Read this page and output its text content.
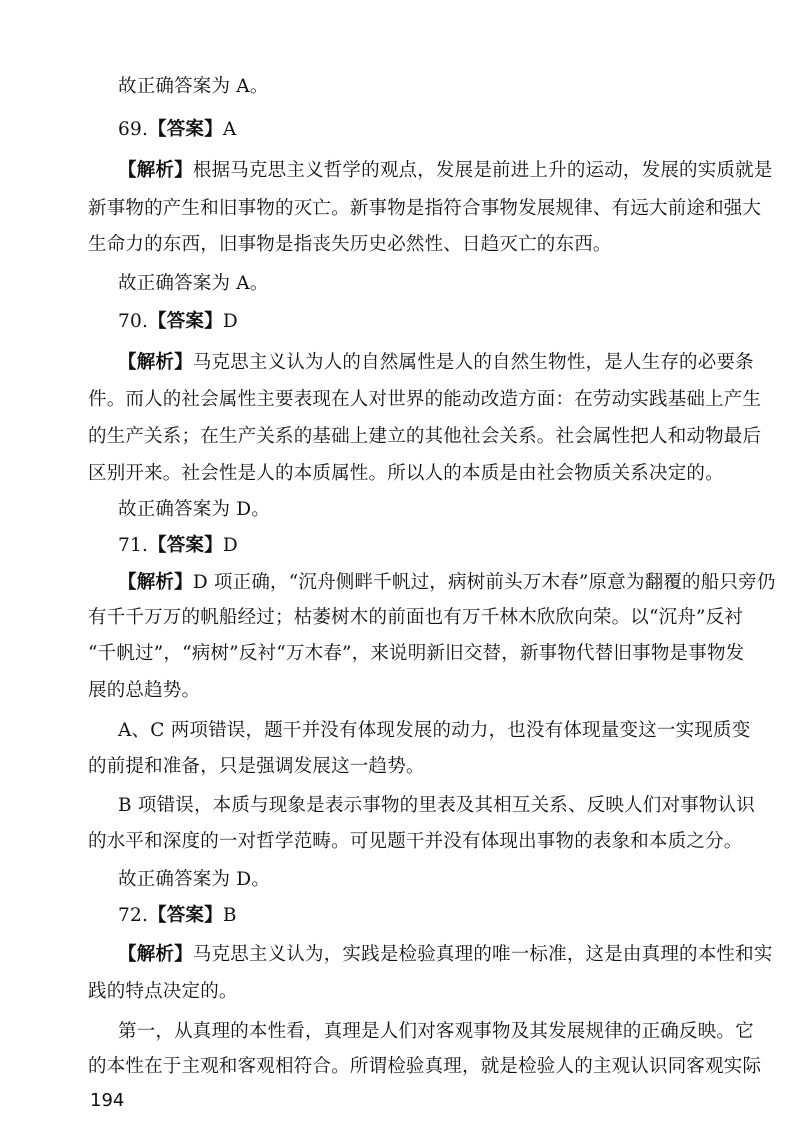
故正确答案为 A。
69.【答案】A
【解析】根据马克思主义哲学的观点，发展是前进上升的运动，发展的实质就是
新事物的产生和旧事物的灭亡。新事物是指符合事物发展规律、有远大前途和强大
生命力的东西，旧事物是指丧失历史必然性、日趋灭亡的东西。
故正确答案为 A。
70.【答案】D
【解析】马克思主义认为人的自然属性是人的自然生物性，是人生存的必要条
件。而人的社会属性主要表现在人对世界的能动改造方面：在劳动实践基础上产生
的生产关系；在生产关系的基础上建立的其他社会关系。社会属性把人和动物最后
区别开来。社会性是人的本质属性。所以人的本质是由社会物质关系决定的。
故正确答案为 D。
71.【答案】D
【解析】D 项正确，“沉舟侧畔千帆过，病树前头万木春”原意为翻覆的船只旁仍
有千千万万的帆船经过；枯萎树木的前面也有万千林木欣欣向荣。以“沉舟”反衬
“千帆过”，“病树”反衬“万木春”，来说明新旧交替，新事物代替旧事物是事物发
展的总趋势。
A、C 两项错误，题干并没有体现发展的动力，也没有体现量变这一实现质变
的前提和准备，只是强调发展这一趋势。
B 项错误，本质与现象是表示事物的里表及其相互关系、反映人们对事物认识
的水平和深度的一对哲学范畴。可见题干并没有体现出事物的表象和本质之分。
故正确答案为 D。
72.【答案】B
【解析】马克思主义认为，实践是检验真理的唯一标准，这是由真理的本性和实
践的特点决定的。
第一，从真理的本性看，真理是人们对客观事物及其发展规律的正确反映。它
的本性在于主观和客观相符合。所谓检验真理，就是检验人的主观认识同客观实际
194
